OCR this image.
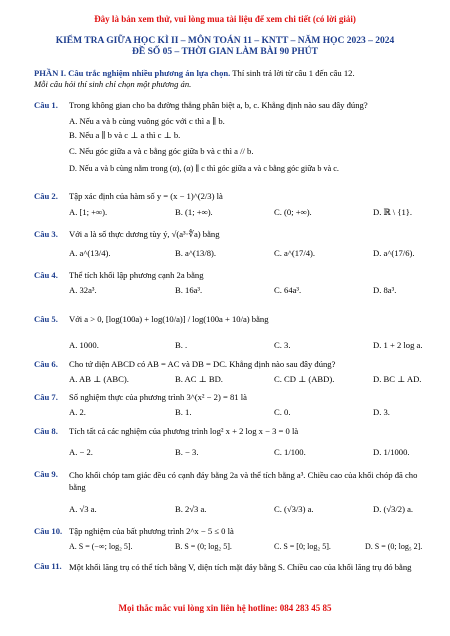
Đây là bản xem thử, vui lòng mua tài liệu để xem chi tiết (có lời giải)
KIỂM TRA GIỮA HỌC KÌ II – MÔN TOÁN 11 – KNTT – NĂM HỌC 2023 – 2024
ĐỀ SỐ 05 – THỜI GIAN LÀM BÀI 90 PHÚT
PHẦN I. Câu trắc nghiệm nhiều phương án lựa chọn. Thí sinh trả lời từ câu 1 đến câu 12.
Mỗi câu hỏi thí sinh chỉ chọn một phương án.
Câu 1. Trong không gian cho ba đường thẳng phân biệt a, b, c. Khẳng định nào sau đây đúng?
A. Nếu a và b cùng vuông góc với c thì a ∥ b.
B. Nếu a ∥ b và c ⊥ a thì c ⊥ b.
C. Nếu góc giữa a và c bằng góc giữa b và c thì a // b.
D. Nếu a và b cùng nằm trong (α), (α) ∥ c thì góc giữa a và c bằng góc giữa b và c.
Câu 2. Tập xác định của hàm số y = (x − 1)^(2/3) là
A. [1; +∞).	B. (1; +∞).	C. (0; +∞).	D. ℝ \ {1}.
Câu 3. Với a là số thực dương tùy ý, √(a³·∜a) bằng
A. a^(13/4).	B. a^(13/8).	C. a^(17/4).	D. a^(17/6).
Câu 4. Thể tích khối lập phương cạnh 2a bằng
A. 32a³.	B. 16a³.	C. 64a³.	D. 8a³.
Câu 5. Với a > 0, [log(100a) + log(10/a)] / log(100a + 10/a) bằng
A. 1000.	B. .	C. 3.	D. 1 + 2 log a.
Câu 6. Cho tứ diện ABCD có AB = AC và DB = DC. Khẳng định nào sau đây đúng?
A. AB ⊥ (ABC).	B. AC ⊥ BD.	C. CD ⊥ (ABD).	D. BC ⊥ AD.
Câu 7. Số nghiệm thực của phương trình 3^(x² − 2) = 81 là
A. 2.	B. 1.	C. 0.	D. 3.
Câu 8. Tích tất cả các nghiệm của phương trình log² x + 2 log x − 3 = 0 là
A. − 2.	B. − 3.	C. 1/100.	D. 1/1000.
Câu 9. Cho khối chóp tam giác đều có cạnh đáy bằng 2a và thể tích bằng a³. Chiều cao của khối chóp đã cho bằng
A. √3 a.	B. 2√3 a.	C. (√3/3) a.	D. (√3/2) a.
Câu 10. Tập nghiệm của bất phương trình 2^x − 5 ≤ 0 là
A. S = (−∞; log₂ 5].	B. S = (0; log₂ 5].	C. S = [0; log₂ 5].	D. S = (0; log₅ 2].
Câu 11. Một khối lăng trụ có thể tích bằng V, diện tích mặt đáy bằng S. Chiều cao của khối lăng trụ đó bằng
Mọi thắc mắc vui lòng xin liên hệ hotline: 084 283 45 85
